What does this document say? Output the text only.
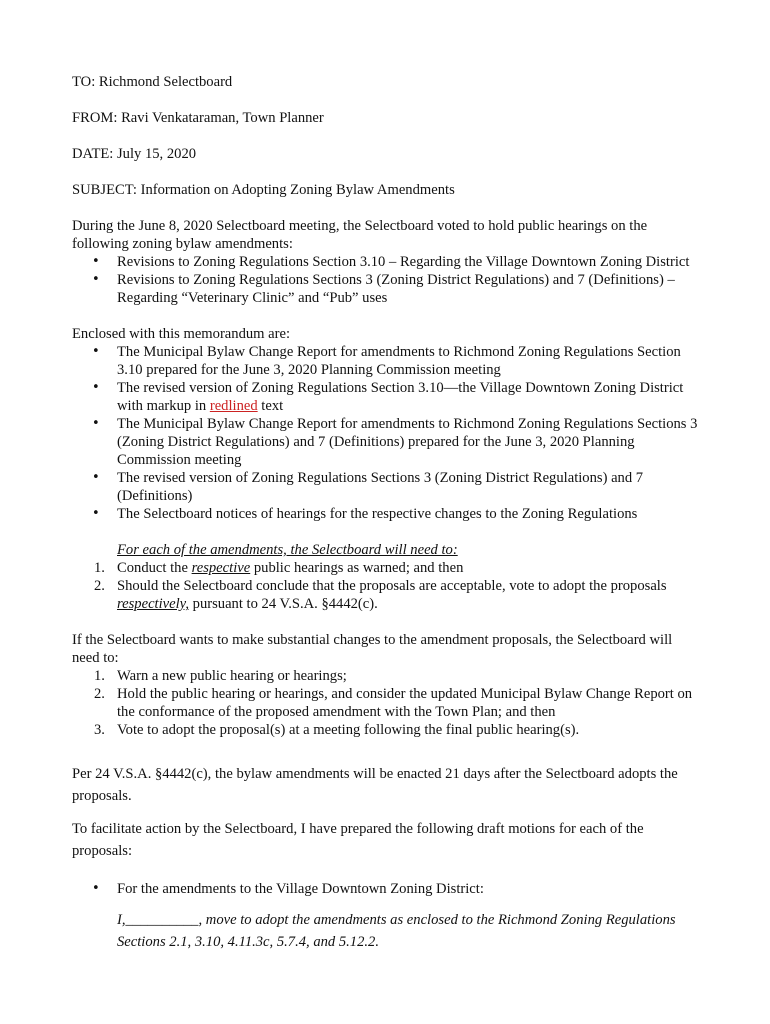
TO: Richmond Selectboard

FROM: Ravi Venkataraman, Town Planner

DATE: July 15, 2020

SUBJECT: Information on Adopting Zoning Bylaw Amendments

During the June 8, 2020 Selectboard meeting, the Selectboard voted to hold public hearings on the following zoning bylaw amendments:

• Revisions to Zoning Regulations Section 3.10 – Regarding the Village Downtown Zoning District
• Revisions to Zoning Regulations Sections 3 (Zoning District Regulations) and 7 (Definitions) – Regarding “Veterinary Clinic” and “Pub” uses

Enclosed with this memorandum are:

• The Municipal Bylaw Change Report for amendments to Richmond Zoning Regulations Section 3.10 prepared for the June 3, 2020 Planning Commission meeting
• The revised version of Zoning Regulations Section 3.10—the Village Downtown Zoning District with markup in redlined text
• The Municipal Bylaw Change Report for amendments to Richmond Zoning Regulations Sections 3 (Zoning District Regulations) and 7 (Definitions) prepared for the June 3, 2020 Planning Commission meeting
• The revised version of Zoning Regulations Sections 3 (Zoning District Regulations) and 7 (Definitions)
• The Selectboard notices of hearings for the respective changes to the Zoning Regulations

For each of the amendments, the Selectboard will need to:

1. Conduct the respective public hearings as warned; and then
2. Should the Selectboard conclude that the proposals are acceptable, vote to adopt the proposals respectively, pursuant to 24 V.S.A. §4442(c).

If the Selectboard wants to make substantial changes to the amendment proposals, the Selectboard will need to:

1. Warn a new public hearing or hearings;
2. Hold the public hearing or hearings, and consider the updated Municipal Bylaw Change Report on the conformance of the proposed amendment with the Town Plan; and then
3. Vote to adopt the proposal(s) at a meeting following the final public hearing(s).

Per 24 V.S.A. §4442(c), the bylaw amendments will be enacted 21 days after the Selectboard adopts the proposals.

To facilitate action by the Selectboard, I have prepared the following draft motions for each of the proposals:

• For the amendments to the Village Downtown Zoning District:

I,__________, move to adopt the amendments as enclosed to the Richmond Zoning Regulations Sections 2.1, 3.10, 4.11.3c, 5.7.4, and 5.12.2.
